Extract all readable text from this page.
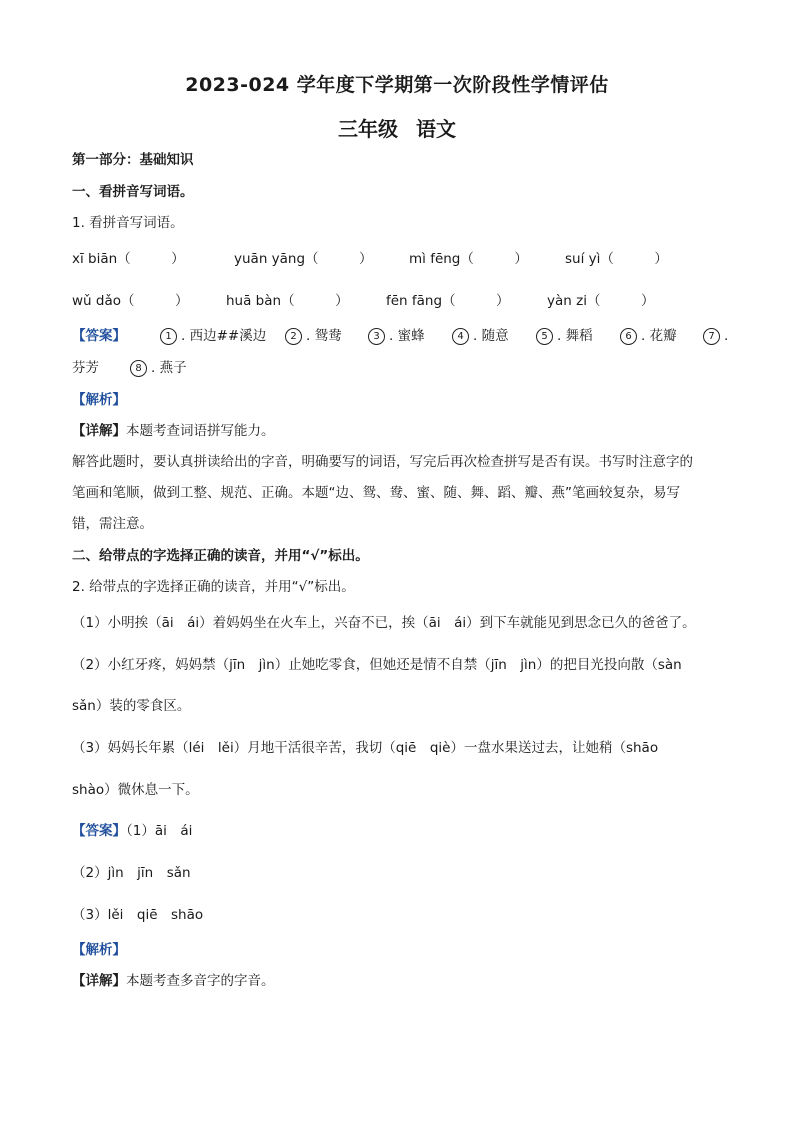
2023-024 学年度下学期第一次阶段性学情评估
三年级 语文
第一部分：基础知识
一、看拼音写词语。
1. 看拼音写词语。
xī biān（　　　）	yuān yāng（　　　）	mì fēng（　　　）	suí yì（　　　）
wǔ dǎo（　　　）	huā bàn（　　　）	fēn fāng（　　　）	yàn zi（　　　）
【答案】	1 . 西边##溪边	2 . 鸳鸯	3 . 蜜蜂	4 . 随意	5 . 舞稻	6 . 花瓣	7 .
芬芳	8 . 燕子
【解析】
【详解】本题考查词语拼写能力。
解答此题时，要认真拼读给出的字音，明确要写的词语，写完后再次检查拼写是否有误。书写时注意字的
笔画和笔顺，做到工整、规范、正确。本题“边、鸳、鸯、蜜、随、舞、蹈、瓣、燕”笔画较复杂，易写
错，需注意。
二、给带点的字选择正确的读音，并用“√”标出。
2. 给带点的字选择正确的读音，并用“√”标出。
（1）小明挨（āi　ái）着妈妈坐在火车上，兴奋不已，挨（āi　ái）到下车就能见到思念已久的爸爸了。
（2）小红牙疼，妈妈禁（jīn　jìn）止她吃零食，但她还是情不自禁（jīn　jìn）的把目光投向散（sàn
sǎn）装的零食区。
（3）妈妈长年累（léi　lěi）月地干活很辛苦，我切（qiē　qiè）一盘水果送过去，让她稍（shāo
shào）微休息一下。
【答案】（1）āi　ái
（2）jìn　jīn　sǎn
（3）lěi　qiē　shāo
【解析】
【详解】本题考查多音字的字音。
